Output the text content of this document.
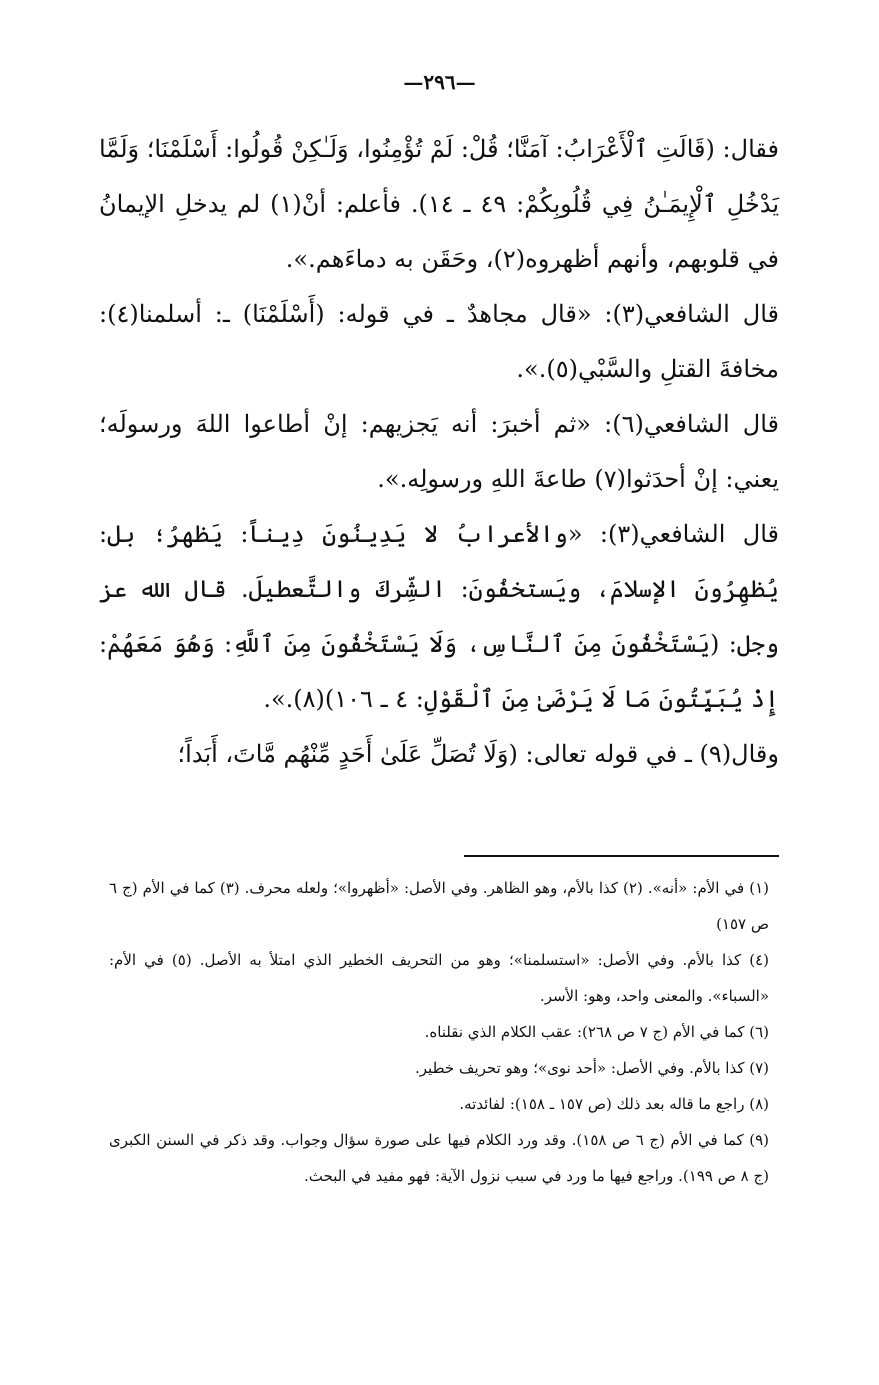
—٢٩٦—

فقال: (قَالَتِ ٱلْأَعْرَابُ: آمَنَّا؛ قُلْ: لَمْ تُؤْمِنُوا، وَلَـٰكِنْ قُولُوا: أَسْلَمْنَا؛ وَلَمَّا يَدْخُلِ ٱلْإِيمَـٰنُ فِي قُلُوبِكُمْ: ٤٩ ـ ١٤). فأعلم: أنْ(١) لم يدخلِ الإيمانُ في قلوبهم، وأنهم أظهروه(٢)، وحَقَن به دماءَهم.».

قال الشافعي(٣): «قال مجاهدٌ ـ في قوله: (أَسْلَمْنَا) ـ: أسلمنا(٤): مخافةَ القتلِ والسَّبْي(٥).».

قال الشافعي(٦): «ثم أخبرَ: أنه يَجزيهم: إنْ أطاعوا اللهَ ورسولَه؛ يعني: إنْ أحدَثوا(٧) طاعةَ اللهِ ورسولِه.».

قال الشافعي(٣): «والأعرابُ لا يَدِينُونَ دِيناً: يَظهرُ؛ بل: يُظهِرُونَ الإسلامَ، ويَستخفُونَ: الشِّركَ والتَّعطيلَ. قال الله عز وجل: (يَسْتَخْفُونَ مِنَ ٱلنَّاسِ، وَلَا يَسْتَخْفُونَ مِنَ ٱللَّهِ: وَهُوَ مَعَهُمْ: إِذْ يُبَيِّتُونَ مَا لَا يَرْضَىٰ مِنَ ٱلْقَوْلِ: ٤ ـ ١٠٦)(٨).».

وقال(٩) ـ في قوله تعالى: (وَلَا تُصَلِّ عَلَىٰ أَحَدٍ مِّنْهُم مَّاتَ، أَبَداً؛

(١) في الأم: «أنه». (٢) كذا بالأم، وهو الظاهر. وفي الأصل: «أظهروا»؛ ولعله محرف. (٣) كما في الأم (ج ٦ ص ١٥٧)

(٤) كذا بالأم. وفي الأصل: «استسلمنا»؛ وهو من التحريف الخطير الذي امتلأ به الأصل. (٥) في الأم: «السباء». والمعنى واحد، وهو: الأسر.

(٦) كما في الأم (ج ٧ ص ٢٦٨): عقب الكلام الذي نقلناه.

(٧) كذا بالأم. وفي الأصل: «أحد نوى»؛ وهو تحريف خطير.

(٨) راجع ما قاله بعد ذلك (ص ١٥٧ ـ ١٥٨): لفائدته.

(٩) كما في الأم (ج ٦ ص ١٥٨). وقد ورد الكلام فيها على صورة سؤال وجواب. وقد ذكر في السنن الكبرى (ج ٨ ص ١٩٩). وراجع فيها ما ورد في سبب نزول الآية: فهو مفيد في البحث.
